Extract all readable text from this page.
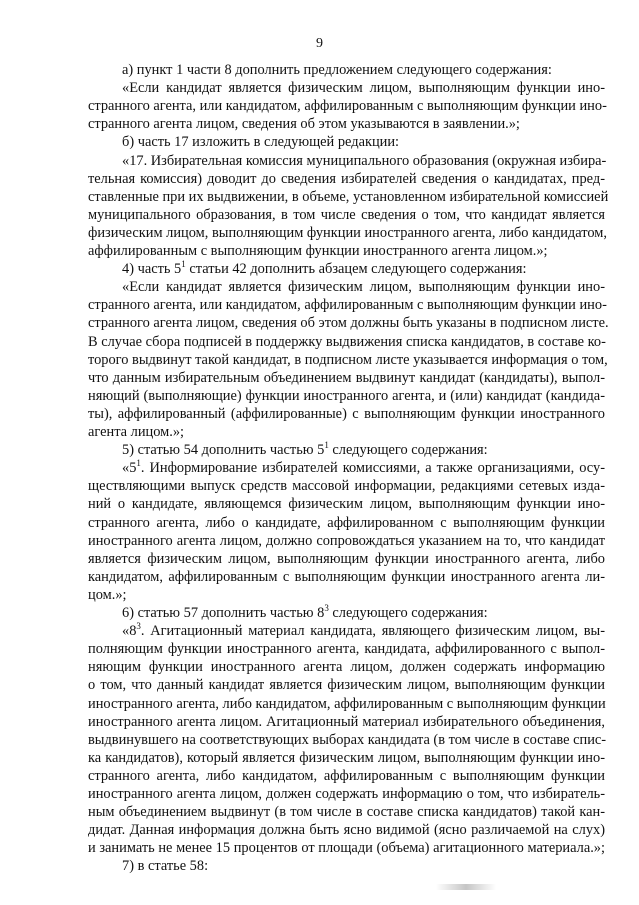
9
а) пункт 1 части 8 дополнить предложением следующего содержания:
«Если кандидат является физическим лицом, выполняющим функции ино-
странного агента, или кандидатом, аффилированным с выполняющим функции ино-
странного агента лицом, сведения об этом указываются в заявлении.»;
б) часть 17 изложить в следующей редакции:
«17. Избирательная комиссия муниципального образования (окружная избира-
тельная комиссия) доводит до сведения избирателей сведения о кандидатах, пред-
ставленные при их выдвижении, в объеме, установленном избирательной комиссией
муниципального образования, в том числе сведения о том, что кандидат является
физическим лицом, выполняющим функции иностранного агента, либо кандидатом,
аффилированным с выполняющим функции иностранного агента лицом.»;
4) часть $5^1$ статьи 42 дополнить абзацем следующего содержания:
«Если кандидат является физическим лицом, выполняющим функции ино-
странного агента, или кандидатом, аффилированным с выполняющим функции ино-
странного агента лицом, сведения об этом должны быть указаны в подписном листе.
В случае сбора подписей в поддержку выдвижения списка кандидатов, в составе ко-
торого выдвинут такой кандидат, в подписном листе указывается информация о том,
что данным избирательным объединением выдвинут кандидат (кандидаты), выпол-
няющий (выполняющие) функции иностранного агента, и (или) кандидат (кандида-
ты), аффилированный (аффилированные) с выполняющим функции иностранного
агента лицом.»;
5) статью 54 дополнить частью $5^1$ следующего содержания:
«$5^1$. Информирование избирателей комиссиями, а также организациями, осу-
ществляющими выпуск средств массовой информации, редакциями сетевых изда-
ний о кандидате, являющемся физическим лицом, выполняющим функции ино-
странного агента, либо о кандидате, аффилированном с выполняющим функции
иностранного агента лицом, должно сопровождаться указанием на то, что кандидат
является физическим лицом, выполняющим функции иностранного агента, либо
кандидатом, аффилированным с выполняющим функции иностранного агента ли-
цом.»;
6) статью 57 дополнить частью $8^3$ следующего содержания:
«$8^3$. Агитационный материал кандидата, являющего физическим лицом, вы-
полняющим функции иностранного агента, кандидата, аффилированного с выпол-
няющим функции иностранного агента лицом, должен содержать информацию
о том, что данный кандидат является физическим лицом, выполняющим функции
иностранного агента, либо кандидатом, аффилированным с выполняющим функции
иностранного агента лицом. Агитационный материал избирательного объединения,
выдвинувшего на соответствующих выборах кандидата (в том числе в составе спис-
ка кандидатов), который является физическим лицом, выполняющим функции ино-
странного агента, либо кандидатом, аффилированным с выполняющим функции
иностранного агента лицом, должен содержать информацию о том, что избиратель-
ным объединением выдвинут (в том числе в составе списка кандидатов) такой кан-
дидат. Данная информация должна быть ясно видимой (ясно различаемой на слух)
и занимать не менее 15 процентов от площади (объема) агитационного материала.»;
7) в статье 58:
